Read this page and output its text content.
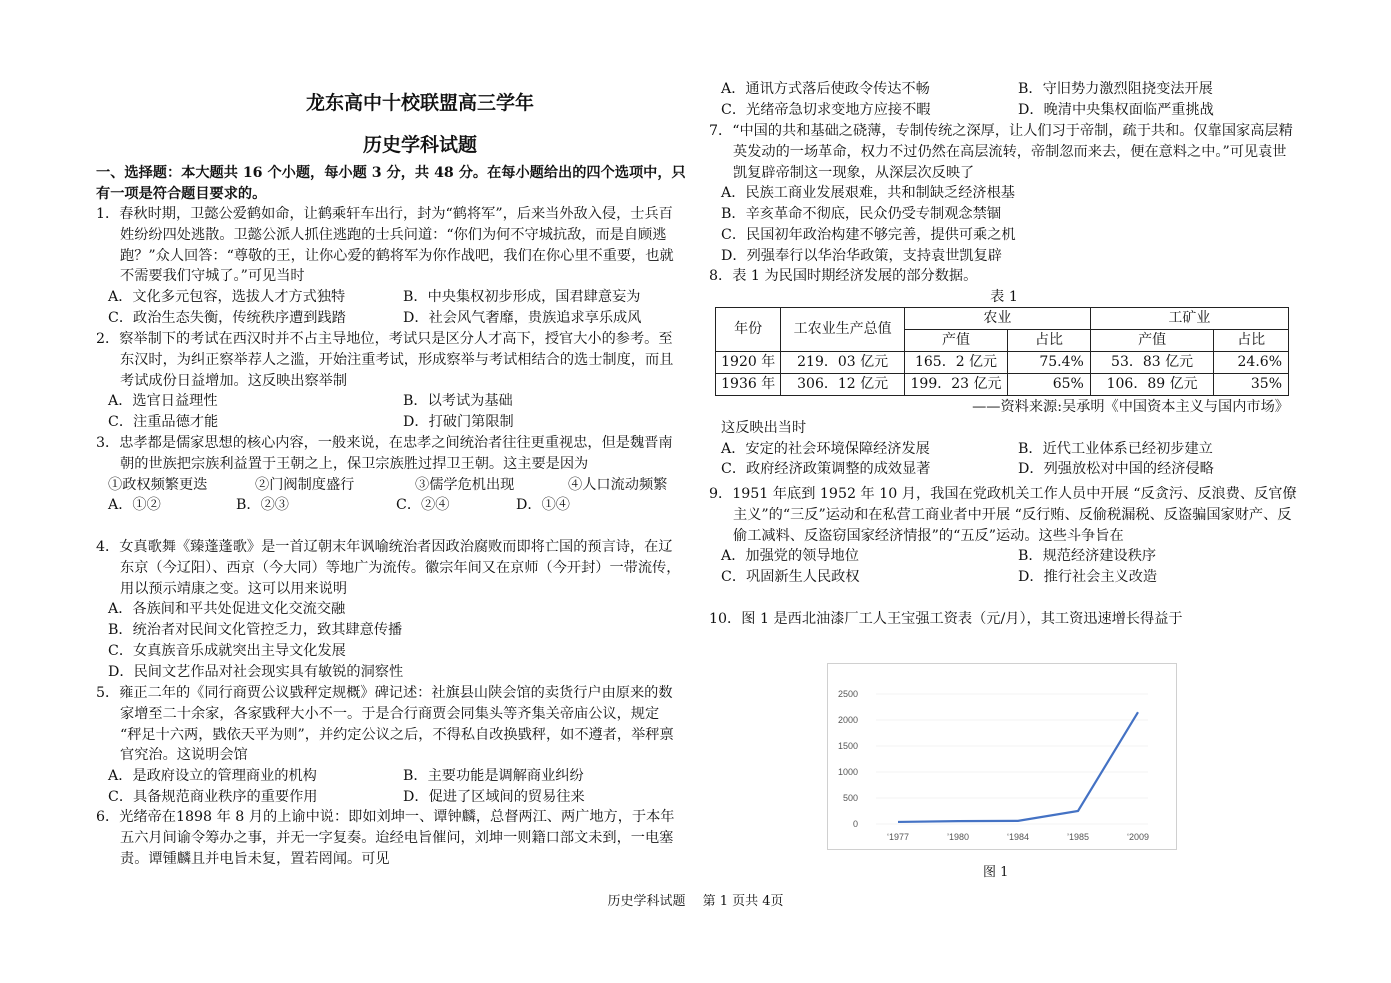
龙东高中十校联盟高三学年
历史学科试题
一、选择题：本大题共 16 个小题，每小题 3 分，共 48 分。在每小题给出的四个选项中，只有一项是符合题目要求的。
1．春秋时期，卫懿公爱鹤如命，让鹤乘轩车出行，封为“鹤将军”，后来当外敌入侵，士兵百姓纷纷四处逃散。卫懿公派人抓住逃跑的士兵问道：“你们为何不守城抗敌，而是自顾逃跑？”众人回答：“尊敬的王，让你心爱的鹤将军为你作战吧，我们在你心里不重要，也就不需要我们守城了。”可见当时
A．文化多元包容，选拔人才方式独特	B．中央集权初步形成，国君肆意妄为
C．政治生态失衡，传统秩序遭到践踏	D．社会风气奢靡，贵族追求享乐成风
2．察举制下的考试在西汉时并不占主导地位，考试只是区分人才高下，授官大小的参考。至东汉时，为纠正察举荐人之滥，开始注重考试，形成察举与考试相结合的选士制度，而且考试成份日益增加。这反映出察举制
A．选官日益理性	B．以考试为基础
C．注重品德才能	D．打破门第限制
3．忠孝都是儒家思想的核心内容，一般来说，在忠孝之间统治者往往更重视忠，但是魏晋南朝的世族把宗族利益置于王朝之上，保卫宗族胜过捍卫王朝。这主要是因为
①政权频繁更迭	②门阀制度盛行	③儒学危机出现	④人口流动频繁
A．①②	B．②③	C．②④	D．①④
4．女真歌舞《臻蓬蓬歌》是一首辽朝末年讽喻统治者因政治腐败而即将亡国的预言诗，在辽东京（今辽阳）、西京（今大同）等地广为流传。徽宗年间又在京师（今开封）一带流传，用以预示靖康之变。这可以用来说明
A．各族间和平共处促进文化交流交融
B．统治者对民间文化管控乏力，致其肆意传播
C．女真族音乐成就突出主导文化发展
D．民间文艺作品对社会现实具有敏锐的洞察性
5．雍正二年的《同行商贾公议戥秤定规概》碑记述：社旗县山陕会馆的卖货行户由原来的数家增至二十余家，各家戥秤大小不一。于是合行商贾会同集头等齐集关帝庙公议，规定 “秤足十六两，戥依天平为则”，并约定公议之后，不得私自改换戥秤，如不遵者，举秤禀官究治。这说明会馆
A．是政府设立的管理商业的机构	B．主要功能是调解商业纠纷
C．具备规范商业秩序的重要作用	D．促进了区域间的贸易往来
6．光绪帝在1898 年 8 月的上谕中说：即如刘坤一、谭钟麟，总督两江、两广地方，于本年五六月间谕令筹办之事，并无一字复奏。迨经电旨催问，刘坤一则籍口部文未到，一电塞责。谭锺麟且并电旨未复，置若罔闻。可见
A．通讯方式落后使政令传达不畅	B．守旧势力激烈阻挠变法开展
C．光绪帝急切求变地方应接不暇	D．晚清中央集权面临严重挑战
7．“中国的共和基础之硗薄，专制传统之深厚，让人们习于帝制，疏于共和。仅靠国家高层精英发动的一场革命，权力不过仍然在高层流转，帝制忽而来去，便在意料之中。”可见袁世凯复辟帝制这一现象，从深层次反映了
A．民族工商业发展艰难，共和制缺乏经济根基
B．辛亥革命不彻底，民众仍受专制观念禁锢
C．民国初年政治构建不够完善，提供可乘之机
D．列强奉行以华治华政策，支持袁世凯复辟
8．表 1 为民国时期经济发展的部分数据。
表 1
年份	工农业生产总值	农业		工矿业	
		产值	占比	产值	占比
1920 年	219．03 亿元	165．2 亿元	75.4%	53．83 亿元	24.6%
1936 年	306．12 亿元	199．23 亿元	65%	106．89 亿元	35%
——资料来源:吴承明《中国资本主义与国内市场》
这反映出当时
A．安定的社会环境保障经济发展	B．近代工业体系已经初步建立
C．政府经济政策调整的成效显著	D．列强放松对中国的经济侵略
9．1951 年底到 1952 年 10 月，我国在党政机关工作人员中开展 “反贪污、反浪费、反官僚主义”的“三反”运动和在私营工商业者中开展 “反行贿、反偷税漏税、反盗骗国家财产、反偷工减料、反盗窃国家经济情报”的“五反”运动。这些斗争旨在
A．加强党的领导地位	B．规范经济建设秩序
C．巩固新生人民政权	D．推行社会主义改造
10．图 1 是西北油漆厂工人王宝强工资表（元/月），其工资迅速增长得益于
0
500
1000
1500
2000
2500
‘1977	’1980	‘1984	’1985	‘2009
图 1
历史学科试题　 第 1 页共 4页
